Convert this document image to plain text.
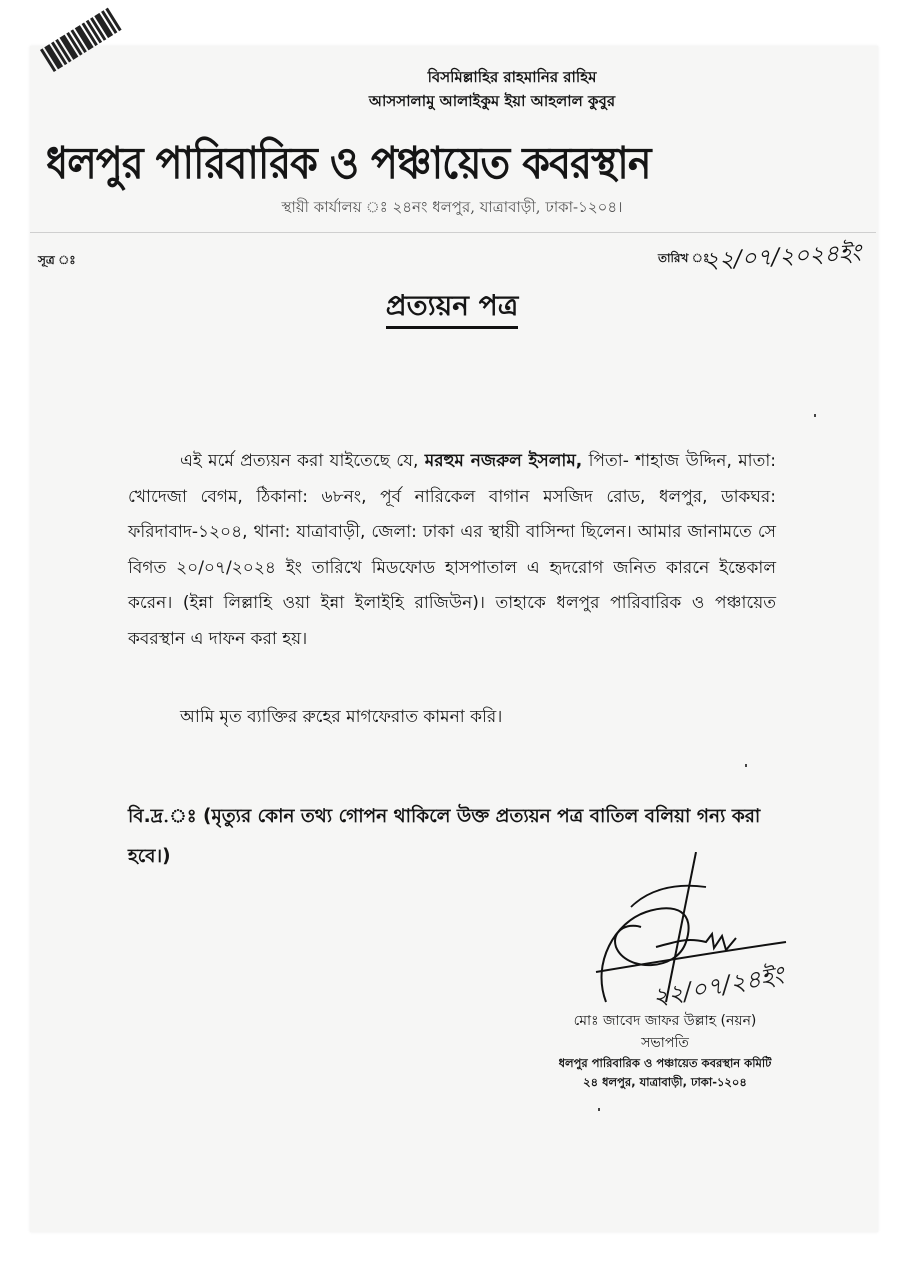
বিসমিল্লাহির রাহমানির রাহিম
আসসালামু আলাইকুম ইয়া আহলাল কুবুর
ধলপুর পারিবারিক ও পঞ্চায়েত কবরস্থান
স্থায়ী কার্যালয় ঃ ২৪নং ধলপুর, যাত্রাবাড়ী, ঢাকা-১২০৪।
সূত্র ঃ	তারিখ ঃ
২২/০৭/২০২৪ইং
প্রত্যয়ন পত্র

এই মর্মে প্রত্যয়ন করা যাইতেছে যে, মরহুম নজরুল ইসলাম, পিতা- শাহাজ উদ্দিন, মাতা: খোদেজা বেগম, ঠিকানা: ৬৮নং, পূর্ব নারিকেল বাগান মসজিদ রোড, ধলপুর, ডাকঘর: ফরিদাবাদ-১২০৪, থানা: যাত্রাবাড়ী, জেলা: ঢাকা এর স্থায়ী বাসিন্দা ছিলেন। আমার জানামতে সে বিগত ২০/০৭/২০২৪ ইং তারিখে মিডফোড হাসপাতাল এ হৃদরোগ জনিত কারনে ইন্তেকাল করেন। (ইন্না লিল্লাহি ওয়া ইন্না ইলাইহি রাজিউন)। তাহাকে ধলপুর পারিবারিক ও পঞ্চায়েত কবরস্থান এ দাফন করা হয়।

আমি মৃত ব্যাক্তির রুহের মাগফেরাত কামনা করি।
বি.দ্র.ঃ (মৃত্যুর কোন তথ্য গোপন থাকিলে উক্ত প্রত্যয়ন পত্র বাতিল বলিয়া গন্য করা হবে।)
২২/০৭/২৪ইং
মোঃ জাবেদ জাফর উল্লাহ (নয়ন)
সভাপতি
ধলপুর পারিবারিক ও পঞ্চায়েত কবরস্থান কমিটি
২৪ ধলপুর, যাত্রাবাড়ী, ঢাকা-১২০৪
